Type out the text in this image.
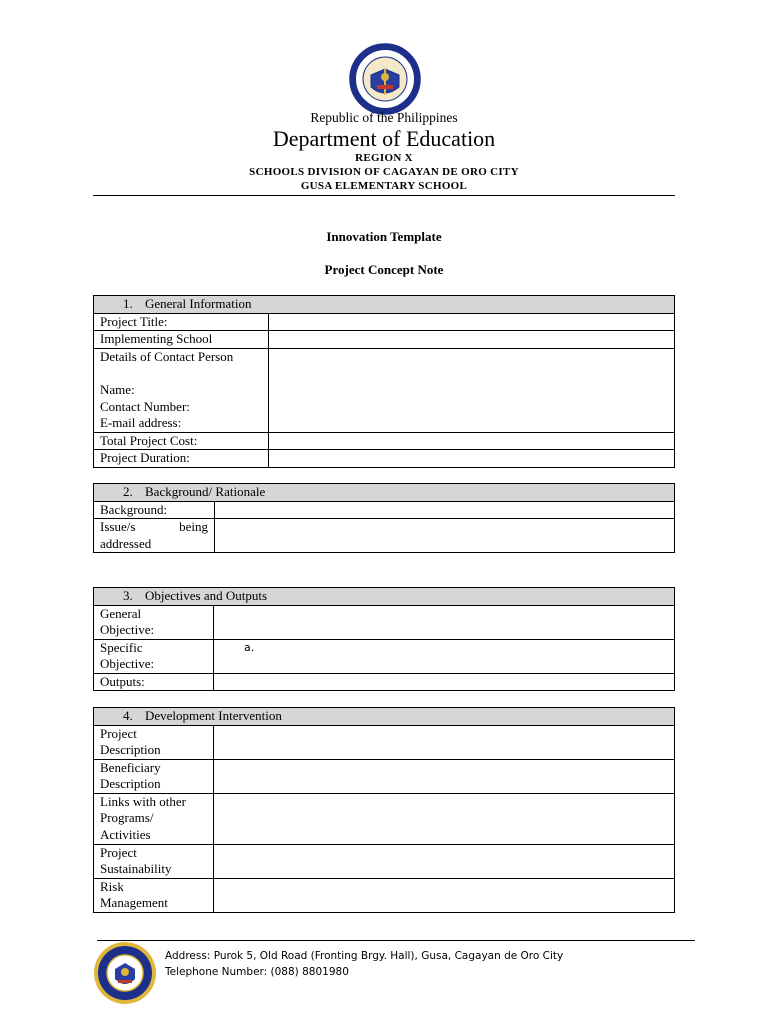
Republic of the Philippines
Department of Education
REGION X
SCHOOLS DIVISION OF CAGAYAN DE ORO CITY
GUSA ELEMENTARY SCHOOL
Innovation Template
Project Concept Note
1. General Information	
Project Title:	
Implementing School	

Details of Contact Person
Name:
Contact Number:
E-mail address:	

Total Project Cost:	
Project Duration:	
2. Background/ Rationale	
Background:	

Issue/s being
addressed	

3. Objectives and Outputs	

General
Objective:	

Specific
Objective:	a.

Outputs:	
4. Development Intervention	

Project
Description	

Beneficiary
Description	

Links with other
Programs/
Activities	

Project
Sustainability	

Risk
Management	

Address: Purok 5, Old Road (Fronting Brgy. Hall), Gusa, Cagayan de Oro City
Telephone Number: (088) 8801980
